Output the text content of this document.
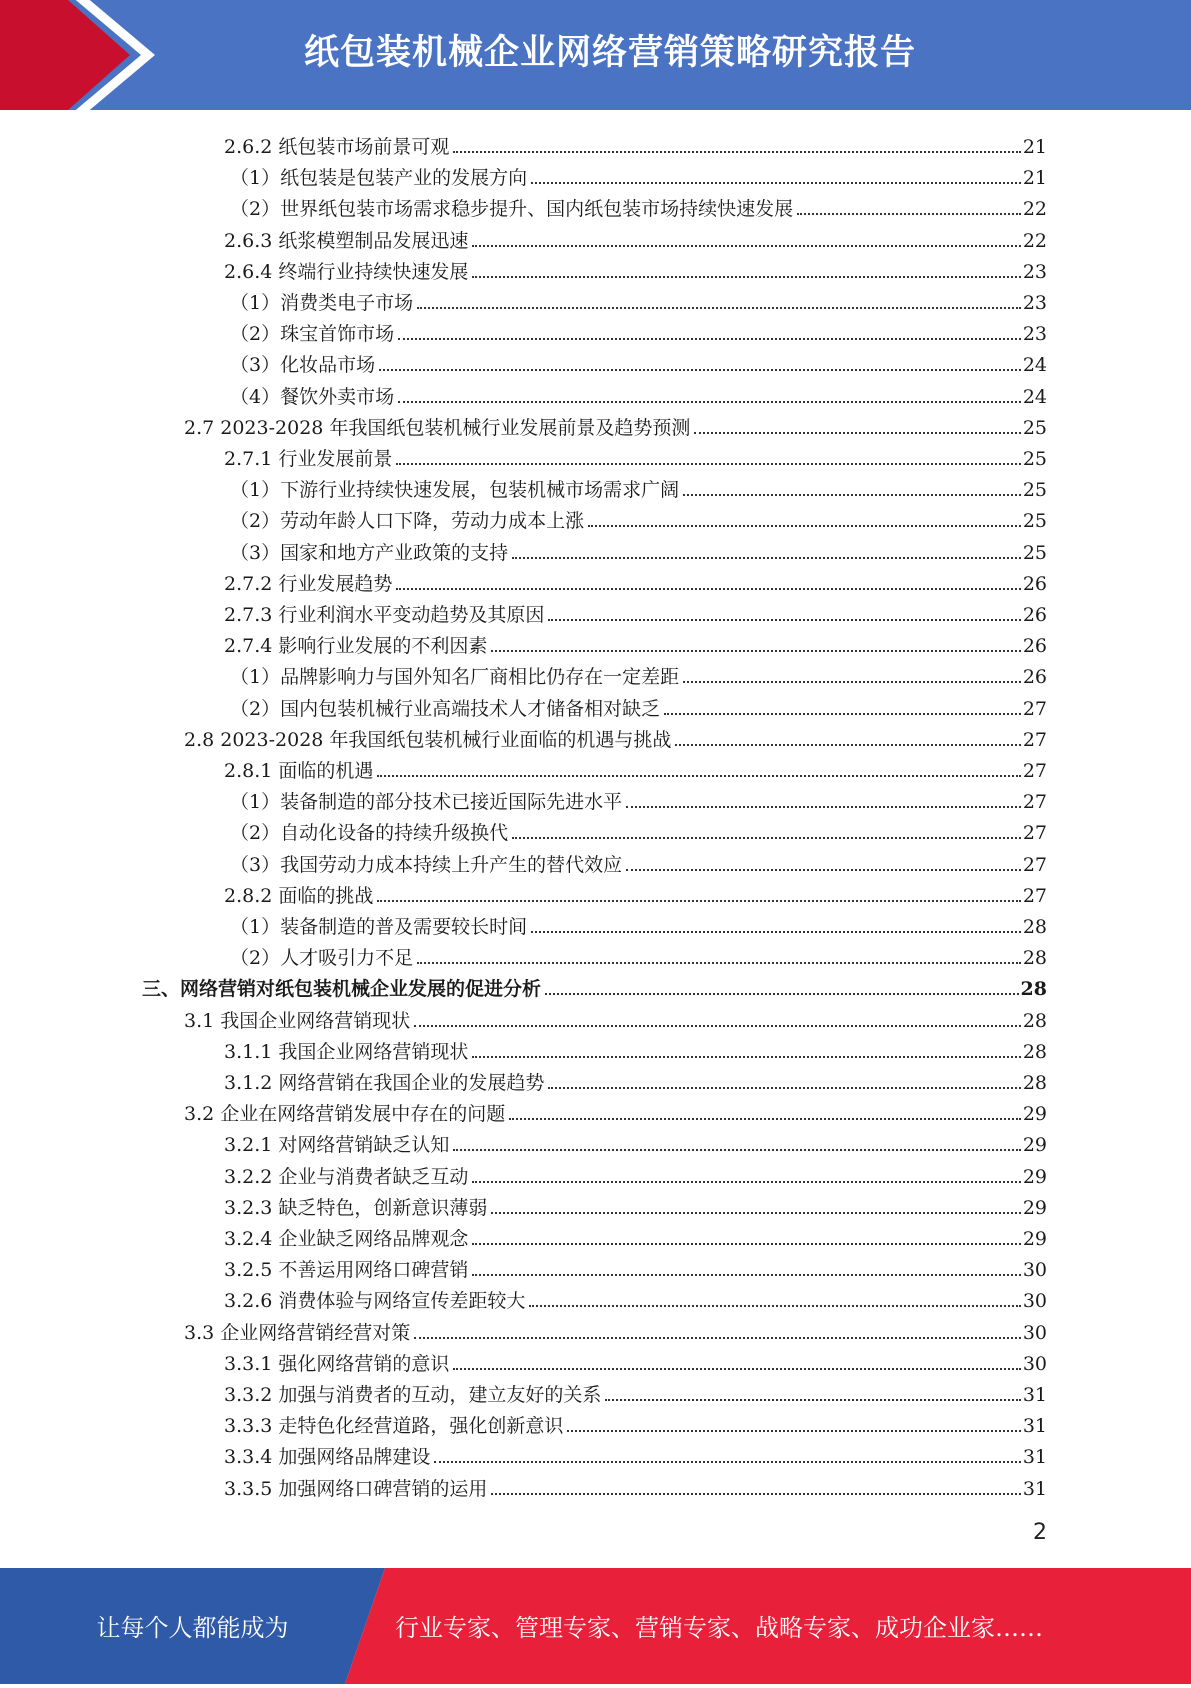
纸包装机械企业网络营销策略研究报告
2.6.2 纸包装市场前景可观	21
（1）纸包装是包装产业的发展方向	21
（2）世界纸包装市场需求稳步提升、国内纸包装市场持续快速发展	22
2.6.3 纸浆模塑制品发展迅速	22
2.6.4 终端行业持续快速发展	23
（1）消费类电子市场	23
（2）珠宝首饰市场	23
（3）化妆品市场	24
（4）餐饮外卖市场	24
2.7 2023-2028 年我国纸包装机械行业发展前景及趋势预测	25
2.7.1 行业发展前景	25
（1）下游行业持续快速发展，包装机械市场需求广阔	25
（2）劳动年龄人口下降，劳动力成本上涨	25
（3）国家和地方产业政策的支持	25
2.7.2 行业发展趋势	26
2.7.3 行业利润水平变动趋势及其原因	26
2.7.4 影响行业发展的不利因素	26
（1）品牌影响力与国外知名厂商相比仍存在一定差距	26
（2）国内包装机械行业高端技术人才储备相对缺乏	27
2.8 2023-2028 年我国纸包装机械行业面临的机遇与挑战	27
2.8.1 面临的机遇	27
（1）装备制造的部分技术已接近国际先进水平	27
（2）自动化设备的持续升级换代	27
（3）我国劳动力成本持续上升产生的替代效应	27
2.8.2 面临的挑战	27
（1）装备制造的普及需要较长时间	28
（2）人才吸引力不足	28
三、网络营销对纸包装机械企业发展的促进分析	28
3.1 我国企业网络营销现状	28
3.1.1 我国企业网络营销现状	28
3.1.2 网络营销在我国企业的发展趋势	28
3.2 企业在网络营销发展中存在的问题	29
3.2.1 对网络营销缺乏认知	29
3.2.2 企业与消费者缺乏互动	29
3.2.3 缺乏特色，创新意识薄弱	29
3.2.4 企业缺乏网络品牌观念	29
3.2.5 不善运用网络口碑营销	30
3.2.6 消费体验与网络宣传差距较大	30
3.3 企业网络营销经营对策	30
3.3.1 强化网络营销的意识	30
3.3.2 加强与消费者的互动，建立友好的关系	31
3.3.3 走特色化经营道路，强化创新意识	31
3.3.4 加强网络品牌建设	31
3.3.5 加强网络口碑营销的运用	31
2
让每个人都能成为	行业专家、管理专家、营销专家、战略专家、成功企业家……
